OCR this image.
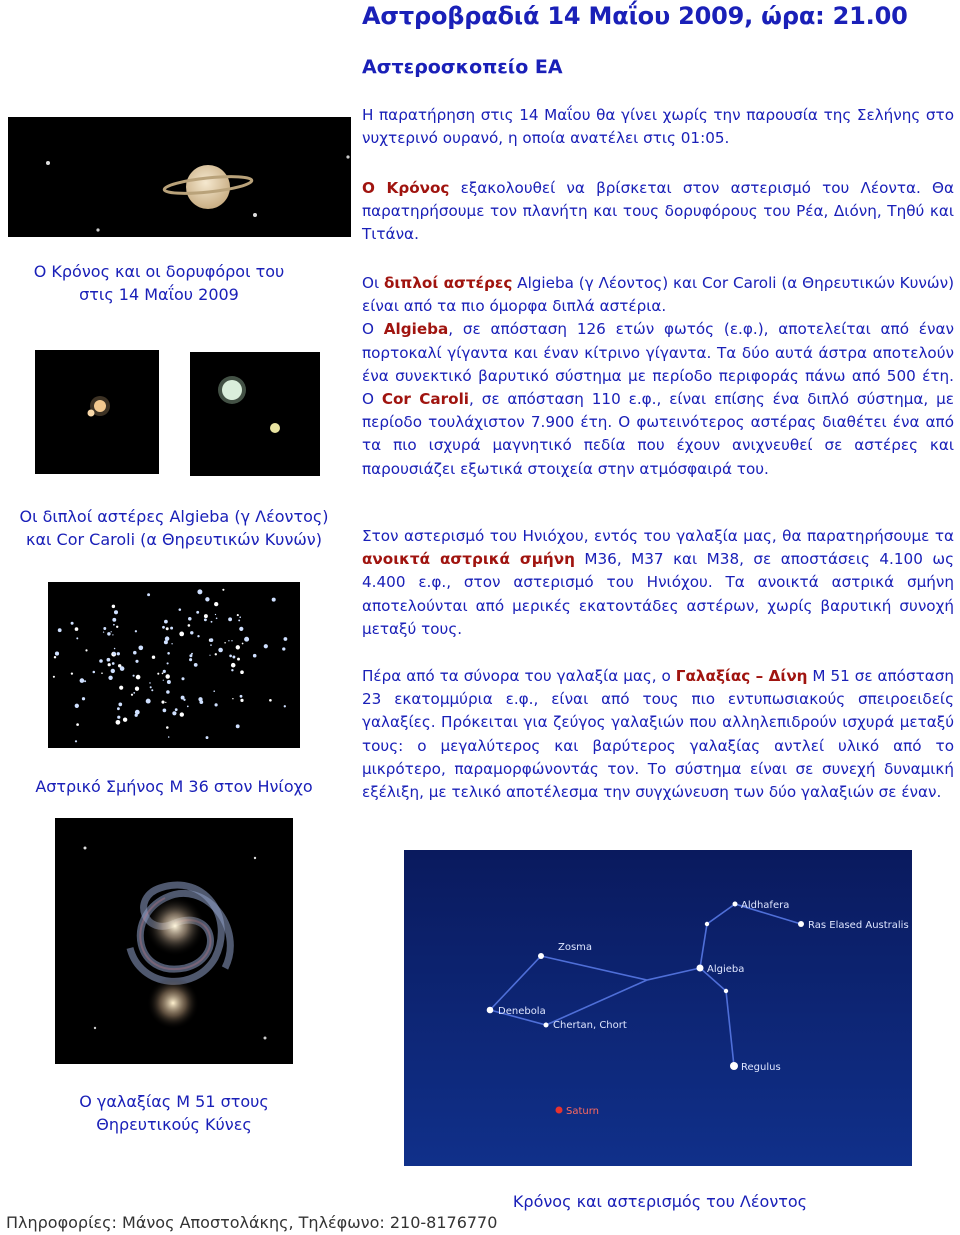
Αστροβραδιά 14 Μαΐου 2009, ώρα: 21.00
Αστεροσκοπείο ΕΑ
Ο Κρόνος και οι δορυφόροι του στις 14 Μαΐου 2009
Οι διπλοί αστέρες Algieba (γ Λέοντος) και Cor Caroli (α Θηρευτικών Κυνών)
Αστρικό Σμήνος Μ 36 στον Ηνίοχο
Ο γαλαξίας Μ 51 στους Θηρευτικούς Κύνες
Η παρατήρηση στις 14 Μαΐου θα γίνει χωρίς την παρουσία της Σελήνης στο νυχτερινό ουρανό, η οποία ανατέλει στις 01:05.
Ο Κρόνος εξακολουθεί να βρίσκεται στον αστερισμό του Λέοντα. Θα παρατηρήσουμε τον πλανήτη και τους δορυφόρους του Ρέα, Διόνη, Τηθύ και Τιτάνα.
Οι διπλοί αστέρες Algieba (γ Λέοντος) και Cor Caroli (α Θηρευτικών Κυνών) είναι από τα πιο όμορφα διπλά αστέρια.
Ο Algieba, σε απόσταση 126 ετών φωτός (ε.φ.), αποτελείται από έναν πορτοκαλί γίγαντα και έναν κίτρινο γίγαντα. Τα δύο αυτά άστρα αποτελούν ένα συνεκτικό βαρυτικό σύστημα με περίοδο περιφοράς πάνω από 500 έτη. Ο Cor Caroli, σε απόσταση 110 ε.φ., είναι επίσης ένα διπλό σύστημα, με περίοδο τουλάχιστον 7.900 έτη. Ο φωτεινότερος αστέρας διαθέτει ένα από τα πιο ισχυρά μαγνητικό πεδία που έχουν ανιχνευθεί σε αστέρες και παρουσιάζει εξωτικά στοιχεία στην ατμόσφαιρά του.
Στον αστερισμό του Ηνιόχου, εντός του γαλαξία μας, θα παρατηρήσουμε τα ανοικτά αστρικά σμήνη Μ36, Μ37 και Μ38, σε αποστάσεις 4.100 ως 4.400 ε.φ., στον αστερισμό του Ηνιόχου. Τα ανοικτά αστρικά σμήνη αποτελούνται από μερικές εκατοντάδες αστέρων, χωρίς βαρυτική συνοχή μεταξύ τους.
Πέρα από τα σύνορα του γαλαξία μας, ο Γαλαξίας – Δίνη Μ 51 σε απόσταση 23 εκατομμύρια ε.φ., είναι από τους πιο εντυπωσιακούς σπειροειδείς γαλαξίες. Πρόκειται για ζεύγος γαλαξιών που αλληλεπιδρούν ισχυρά μεταξύ τους: ο μεγαλύτερος και βαρύτερος γαλαξίας αντλεί υλικό από το μικρότερο, παραμορφώνοντάς τον. Το σύστημα είναι σε συνεχή δυναμική εξέλιξη, με τελικό αποτέλεσμα την συγχώνευση των δύο γαλαξιών σε έναν.
Ras Elased Australis
Aldhafera
Algieba
Zosma
Chertan, Chort
Denebola
Regulus
Saturn
Κρόνος και αστερισμός του Λέοντος
Πληροφορίες: Μάνος Αποστολάκης, Τηλέφωνο: 210-8176770
